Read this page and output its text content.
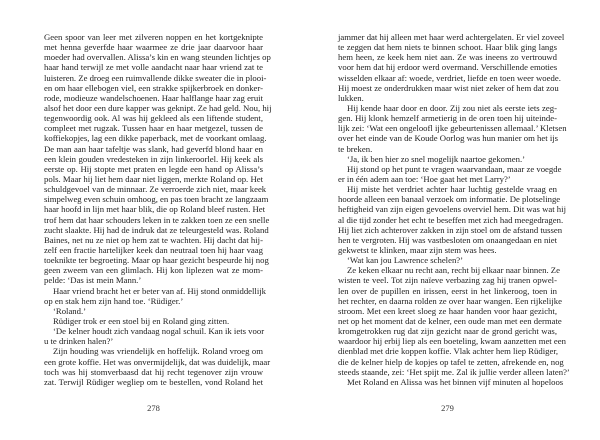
Geen spoor van leer met zilveren noppen en het kortgeknipte
met henna geverfde haar waarmee ze drie jaar daarvoor haar
moeder had overvallen. Alissa’s kin en wang steunden lichtjes op
haar hand terwijl ze met volle aandacht naar haar vriend zat te
luisteren. Ze droeg een ruimvallende dikke sweater die in plooi-
en om haar ellebogen viel, een strakke spijkerbroek en donker-
rode, modieuze wandelschoenen. Haar halflange haar zag eruit
alsof het door een dure kapper was geknipt. Ze had geld. Nou, hij
tegenwoordig ook. Al was hij gekleed als een liftende student,
compleet met rugzak. Tussen haar en haar metgezel, tussen de
koffiekopjes, lag een dikke paperback, met de voorkant omlaag.
De man aan haar tafeltje was slank, had geverfd blond haar en
een klein gouden vredesteken in zijn linkeroorlel. Hij keek als
eerste op. Hij stopte met praten en legde een hand op Alissa’s
pols. Maar hij liet hem daar niet liggen, merkte Roland op. Het
schuldgevoel van de minnaar. Ze verroerde zich niet, maar keek
simpelweg even schuin omhoog, en pas toen bracht ze langzaam
haar hoofd in lijn met haar blik, die op Roland bleef rusten. Het
trof hem dat haar schouders leken in te zakken toen ze een snelle
zucht slaakte. Hij had de indruk dat ze teleurgesteld was. Roland
Baines, net nu ze niet op hem zat te wachten. Hij dacht dat hij-
zelf een fractie hartelijker keek dan neutraal toen hij haar vaag
toeknikte ter begroeting. Maar op haar gezicht bespeurde hij nog
geen zweem van een glimlach. Hij kon liplezen wat ze mom-
pelde: ‘Das ist mein Mann.’
Haar vriend bracht het er beter van af. Hij stond onmiddellijk
op en stak hem zijn hand toe. ‘Rüdiger.’
‘Roland.’
Rüdiger trok er een stoel bij en Roland ging zitten.
‘De kelner houdt zich vandaag nogal schuil. Kan ik iets voor
u te drinken halen?’
Zijn houding was vriendelijk en hoffelijk. Roland vroeg om
een grote koffie. Het was onvermijdelijk, dat was duidelijk, maar
toch was hij stomverbaasd dat hij recht tegenover zijn vrouw
zat. Terwijl Rüdiger wegliep om te bestellen, vond Roland het
jammer dat hij alleen met haar werd achtergelaten. Er viel zoveel
te zeggen dat hem niets te binnen schoot. Haar blik ging langs
hem heen, ze keek hem niet aan. Ze was ineens zo vertrouwd
voor hem dat hij erdoor werd overmand. Verschillende emoties
wisselden elkaar af: woede, verdriet, liefde en toen weer woede.
Hij moest ze onderdrukken maar wist niet zeker of hem dat zou
lukken.
Hij kende haar door en door. Zij zou niet als eerste iets zeg-
gen. Hij klonk hemzelf armetierig in de oren toen hij uiteinde-
lijk zei: ‘Wat een ongeloofl ijke gebeurtenissen allemaal.’ Kletsen
over het einde van de Koude Oorlog was hun manier om het ijs
te breken.
‘Ja, ik ben hier zo snel mogelijk naartoe gekomen.’
Hij stond op het punt te vragen waarvandaan, maar ze voegde
er in één adem aan toe: ‘Hoe gaat het met Larry?’
Hij miste het verdriet achter haar luchtig gestelde vraag en
hoorde alleen een banaal verzoek om informatie. De plotselinge
heftigheid van zijn eigen gevoelens overviel hem. Dit was wat hij
al die tijd zonder het echt te beseffen met zich had meegedragen.
Hij liet zich achterover zakken in zijn stoel om de afstand tussen
hen te vergroten. Hij was vastbesloten om onaangedaan en niet
gekwetst te klinken, maar zijn stem was hees.
‘Wat kan jou Lawrence schelen?’
Ze keken elkaar nu recht aan, recht bij elkaar naar binnen. Ze
wisten te veel. Tot zijn naïeve verbazing zag hij tranen opwel-
len over de pupillen en irissen, eerst in het linkeroog, toen in
het rechter, en daarna rolden ze over haar wangen. Een rijkelijke
stroom. Met een kreet sloeg ze haar handen voor haar gezicht,
net op het moment dat de kelner, een oude man met een dermate
kromgetrokken rug dat zijn gezicht naar de grond gericht was,
waardoor hij erbij liep als een boeteling, kwam aanzetten met een
dienblad met drie koppen koffie. Vlak achter hem liep Rüdiger,
die de kelner hielp de kopjes op tafel te zetten, afrekende en, nog
steeds staande, zei: ‘Het spijt me. Zal ik jullie verder alleen laten?’
Met Roland en Alissa was het binnen vijf minuten al hopeloos
278	279
